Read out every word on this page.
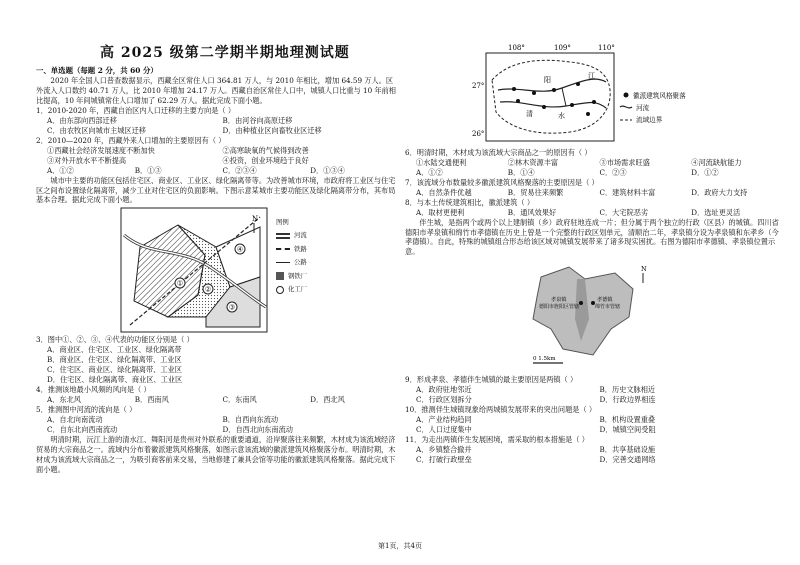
高 2025 级第二学期半期地理测试题

一、单选题（每题 2 分，共 60 分）

2020 年全国人口普查数据显示，西藏全区常住人口 364.81 万人，与 2010 年相比，增加 64.59 万人。区外流入人口数约 40.71 万人，比 2010 年增加 24.17 万人。西藏自治区常住人口中，城镇人口比重与 10 年前相比提高，10 年间城镇常住人口增加了 62.29 万人。据此完成下面小题。

1．2010-2020 年，西藏自治区内人口迁移的主要方向是（ ）

A．由东部向西部迁移	B．由河谷向高原迁移
C．由农牧区向城市主城区迁移	D．由种植业区向畜牧业区迁移

2．2010—2020 年，西藏外来人口增加的主要原因有（ ）

①西藏社会经济发展速度不断加快	②高寒缺氧的气候得到改善
③对外开放水平不断提高	④投资，创业环境趋于良好
A．①②	B．①③	C．②③④	D．①③④

城市中主要的功能区包括住宅区、商业区、工业区、绿化隔离带等。为改善城市环境，市政府将工业区与住宅区之间布设置绿化隔离带，减少工业对住宅区的负面影响。下图示意某城市主要功能区及绿化隔离带分布，其布局基本合理。据此完成下面小题。

①
②
③
④
N	图例
河流
铁路
公路
钢铁厂
化工厂

3．图中①、②、③、④代表的功能区分别是（ ）

A．商业区、住宅区、工业区、绿化隔离带

B．商业区、住宅区、绿化隔离带、工业区

C．住宅区、商业区、绿化隔离带、工业区

D．住宅区、绿化隔离带、商业区、工业区

4．推测该地最小风频的风向是（ ）

A．东北风	B．西南风	C．东南风	D．西北风

5．推测图中河流的流向是（ ）

A．自北向南流动	B．自西向东流动
C．自东北向西南流动	D．自西北向东南流动

明清时期，沅江上游的清水江、舞阳河是贵州对外联系的重要通道，沿岸聚落往来频繁，木材成为该流域经济贸易的大宗商品之一。流域内分布着徽派建筑风格聚落，如图示意该流域的徽派建筑风格聚落分布。明清时期，木材成为该流域大宗商品之一，为吸引商客前来交易，当地修建了兼具会馆等功能的徽派建筑风格聚落。据此完成下面小题。

108°	109°	110°
27°
26°
阳	江
清	水
徽派建筑风格聚落
河流
流域边界

6．明清时期，木材成为该流域大宗商品之一的原因有（ ）

①水陆交通便利	②林木资源丰富	③市场需求旺盛	④河流缺航能力
A．①②	B．①④	C．②③	D．①②

7．该流域分布数量较多徽派建筑风格聚落的主要原因是（ ）

A．自然条件优越	B．贸易往来频繁	C．建筑材料丰富	D．政府大力支持

8．与本土传统建筑相比，徽派建筑（ ）

A．取材更便利	B．通风效果好	C．大宅院恶劣	D．选址更灵活

伴生城，是指两个或两个以上建制镇（乡）政府驻地连成一片；但分属于两个独立的行政（区县）的城镇。四川省德阳市孝泉镇和绵竹市孝德镇在历史上曾是一个完整的行政区划单元，清顺治二年，孝泉镇分设为孝泉镇和东孝乡（今孝德镇）。自此，特殊的城镇组合形态给该区域对城镇发展带来了诸多现实困扰。右图为德阳市孝德镇、孝泉镇位置示意。

孝泉镇
德阳市旌阳区管辖
孝德镇
绵竹市管辖
N
0 1.5km

9．形成孝泉、孝德伴生城镇的最主要原因是两镇（ ）

A．政府驻地邻近	B．历史文脉相近
C．行政区划拆分	D．行政边界相连

10．推测伴生城镇现象给两城镇发展带来的突出问题是（ ）

A．产业结构趋同	B．机构设置重叠
C．人口过度集中	D．城镇空间受阻

11．为走出两镇伴生发展困境，需采取的根本措施是（ ）

A．乡镇整合撤并	B．共享基础设施
C．打破行政壁垒	D．完善交通网络
第1页，共4页
